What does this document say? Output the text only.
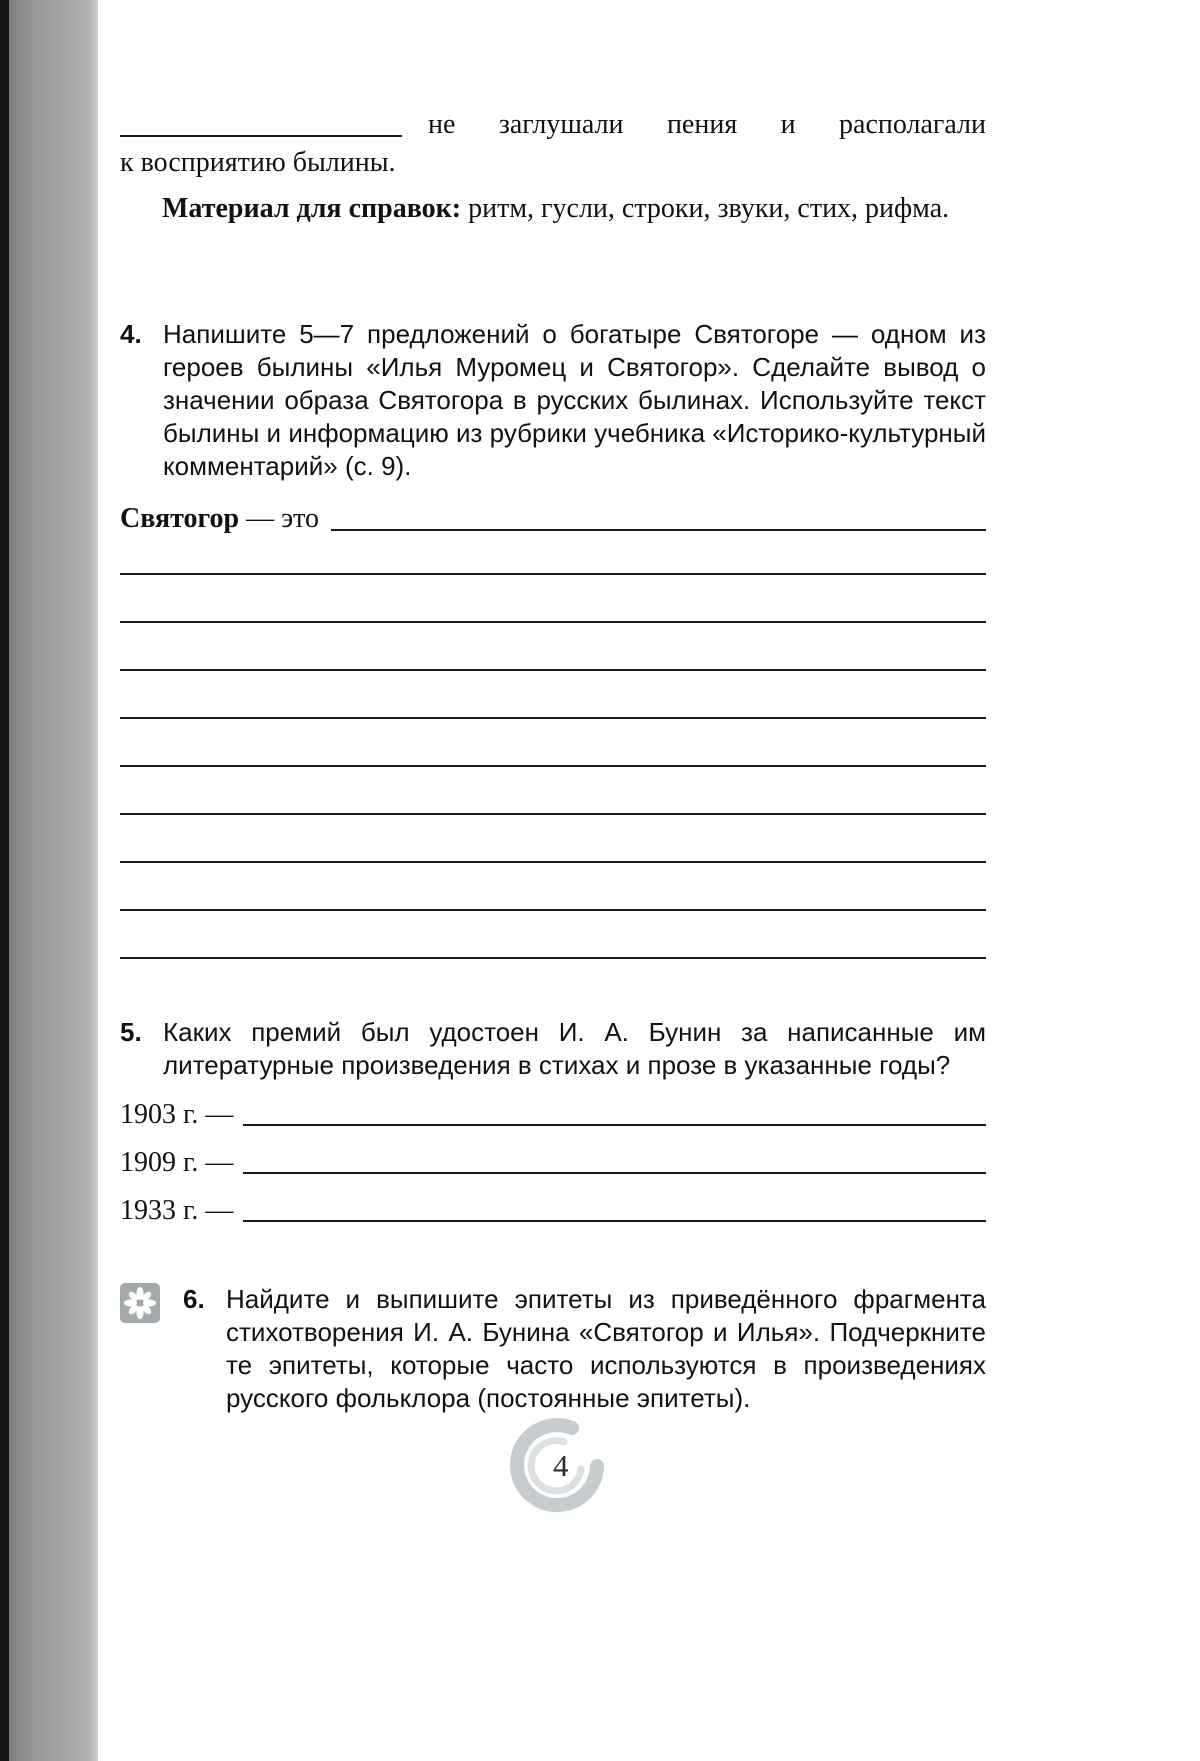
не заглушали пения и располагали
к восприятию былины.

Материал для справок: ритм, гусли, строки, звуки, стих, рифма.

4. Напишите 5—7 предложений о богатыре Святогоре — одном из героев былины «Илья Муромец и Святогор». Сделайте вывод о значении образа Святогора в русских былинах. Используйте текст былины и информацию из рубрики учебника «Историко-культурный комментарий» (с. 9).

Святогор — это
5. Каких премий был удостоен И. А. Бунин за написанные им литературные произведения в стихах и прозе в указанные годы?

1903 г. —
1909 г. —
1933 г. —
6. Найдите и выпишите эпитеты из приведённого фрагмента стихотворения И. А. Бунина «Святогор и Илья». Подчеркните те эпитеты, которые часто используются в произведениях русского фольклора (постоянные эпитеты).

4
